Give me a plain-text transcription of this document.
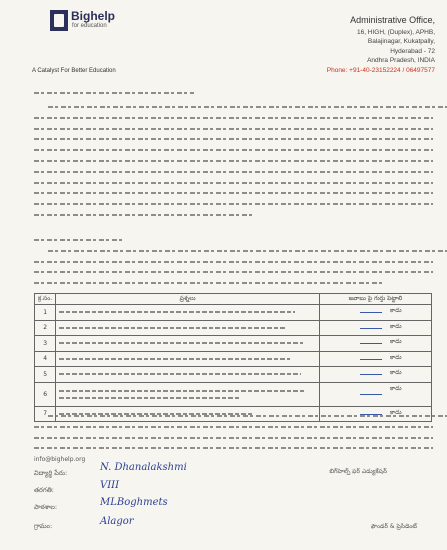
Bighelp
for education
A Catalyst For Better Education
Administrative Office,
16, HIGH, (Duplex), APHB,
Balajinagar, Kukatpally,
Hyderabad - 72
Andhra Pradesh, INDIA
Phone: +91-40-23152224 / 06497577
క్ర.సం.	ప్రశ్నలు	జవాబు పై గుర్తు పెట్టాలి
1		కాదు

2		కాదు

3		కాదు

4		కాదు

5		కాదు

6		కాదు

7		కాదు
info@bighelp.org
విద్యార్థి పేరు:	N. Dhanalakshmi
తరగతి:	VIII
పాఠశాల:	MLBoghmets
గ్రామం:	Alagor
బిగ్‌హెల్ప్ ఫర్ ఎడ్యుకేషన్
ఫౌండర్ & ప్రెసిడెంట్
